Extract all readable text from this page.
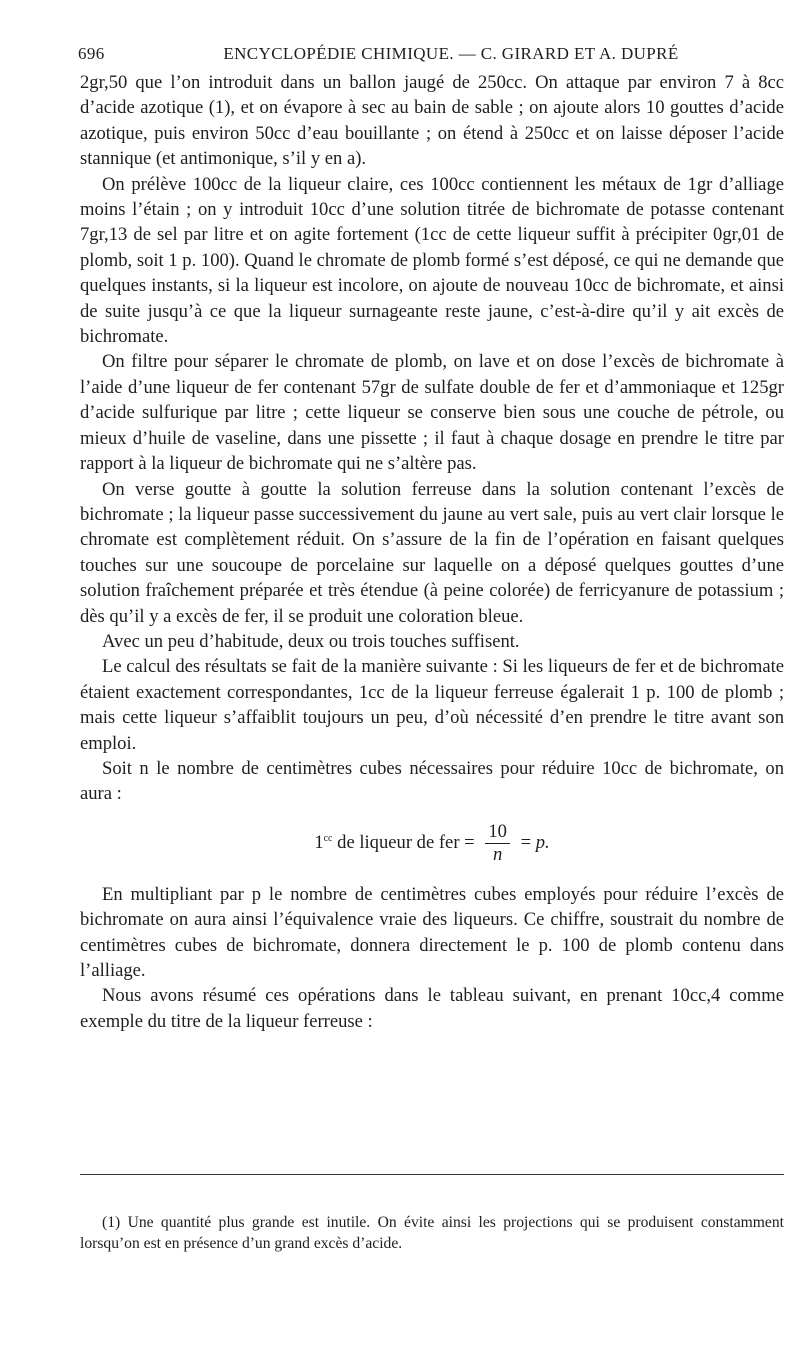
696	ENCYCLOPÉDIE CHIMIQUE. — C. GIRARD ET A. DUPRÉ

2gr,50 que l’on introduit dans un ballon jaugé de 250cc. On attaque par environ 7 à 8cc d’acide azotique (1), et on évapore à sec au bain de sable ; on ajoute alors 10 gouttes d’acide azotique, puis environ 50cc d’eau bouillante ; on étend à 250cc et on laisse déposer l’acide stannique (et antimonique, s’il y en a).

On prélève 100cc de la liqueur claire, ces 100cc contiennent les métaux de 1gr d’alliage moins l’étain ; on y introduit 10cc d’une solution titrée de bichromate de potasse contenant 7gr,13 de sel par litre et on agite fortement (1cc de cette liqueur suffit à précipiter 0gr,01 de plomb, soit 1 p. 100). Quand le chromate de plomb formé s’est déposé, ce qui ne demande que quelques instants, si la liqueur est incolore, on ajoute de nouveau 10cc de bichromate, et ainsi de suite jusqu’à ce que la liqueur surnageante reste jaune, c’est-à-dire qu’il y ait excès de bichromate.

On filtre pour séparer le chromate de plomb, on lave et on dose l’excès de bichromate à l’aide d’une liqueur de fer contenant 57gr de sulfate double de fer et d’ammoniaque et 125gr d’acide sulfurique par litre ; cette liqueur se conserve bien sous une couche de pétrole, ou mieux d’huile de vaseline, dans une pissette ; il faut à chaque dosage en prendre le titre par rapport à la liqueur de bichromate qui ne s’altère pas.

On verse goutte à goutte la solution ferreuse dans la solution contenant l’excès de bichromate ; la liqueur passe successivement du jaune au vert sale, puis au vert clair lorsque le chromate est complètement réduit. On s’assure de la fin de l’opération en faisant quelques touches sur une soucoupe de porcelaine sur laquelle on a déposé quelques gouttes d’une solution fraîchement préparée et très étendue (à peine colorée) de ferricyanure de potassium ; dès qu’il y a excès de fer, il se produit une coloration bleue.

Avec un peu d’habitude, deux ou trois touches suffisent.

Le calcul des résultats se fait de la manière suivante : Si les liqueurs de fer et de bichromate étaient exactement correspondantes, 1cc de la liqueur ferreuse égalerait 1 p. 100 de plomb ; mais cette liqueur s’affaiblit toujours un peu, d’où nécessité d’en prendre le titre avant son emploi.

Soit n le nombre de centimètres cubes nécessaires pour réduire 10cc de bichromate, on aura :

$1^{cc}$ de liqueur de fer = $\frac{10}{n} = p$.

En multipliant par p le nombre de centimètres cubes employés pour réduire l’excès de bichromate on aura ainsi l’équivalence vraie des liqueurs. Ce chiffre, soustrait du nombre de centimètres cubes de bichromate, donnera directement le p. 100 de plomb contenu dans l’alliage.

Nous avons résumé ces opérations dans le tableau suivant, en prenant 10cc,4 comme exemple du titre de la liqueur ferreuse :

(1) Une quantité plus grande est inutile. On évite ainsi les projections qui se produisent constamment lorsqu’on est en présence d’un grand excès d’acide.
